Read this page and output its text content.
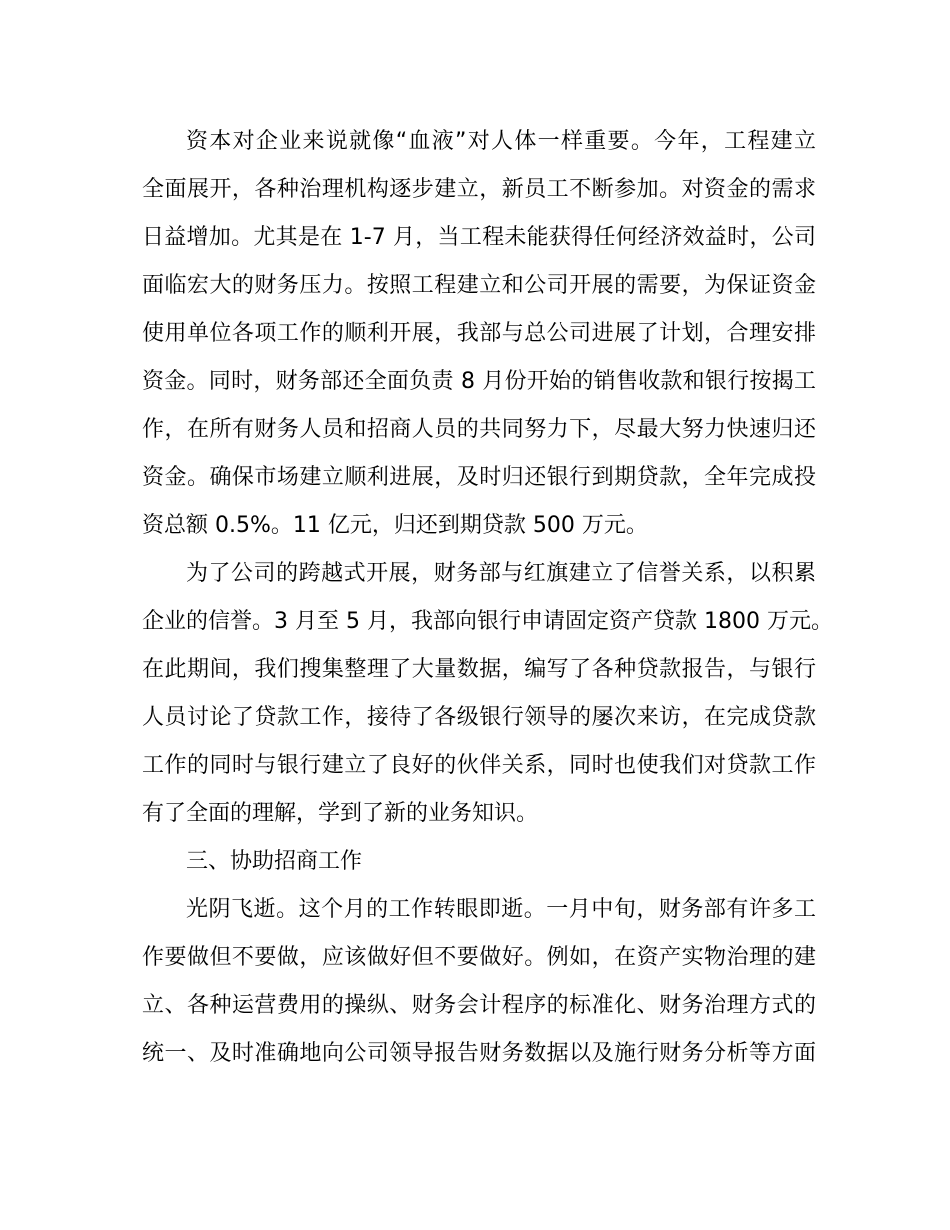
资本对企业来说就像“血液”对人体一样重要。今年，工程建立
全面展开，各种治理机构逐步建立，新员工不断参加。对资金的需求
日益增加。尤其是在 1-7 月，当工程未能获得任何经济效益时，公司
面临宏大的财务压力。按照工程建立和公司开展的需要，为保证资金
使用单位各项工作的顺利开展，我部与总公司进展了计划，合理安排
资金。同时，财务部还全面负责 8 月份开始的销售收款和银行按揭工
作，在所有财务人员和招商人员的共同努力下，尽最大努力快速归还
资金。确保市场建立顺利进展，及时归还银行到期贷款，全年完成投
资总额 0.5%。11 亿元，归还到期贷款 500 万元。
为了公司的跨越式开展，财务部与红旗建立了信誉关系，以积累
企业的信誉。3 月至 5 月，我部向银行申请固定资产贷款 1800 万元。
在此期间，我们搜集整理了大量数据，编写了各种贷款报告，与银行
人员讨论了贷款工作，接待了各级银行领导的屡次来访，在完成贷款
工作的同时与银行建立了良好的伙伴关系，同时也使我们对贷款工作
有了全面的理解，学到了新的业务知识。
三、协助招商工作
光阴飞逝。这个月的工作转眼即逝。一月中旬，财务部有许多工
作要做但不要做，应该做好但不要做好。例如，在资产实物治理的建
立、各种运营费用的操纵、财务会计程序的标准化、财务治理方式的
统一、及时准确地向公司领导报告财务数据以及施行财务分析等方面
